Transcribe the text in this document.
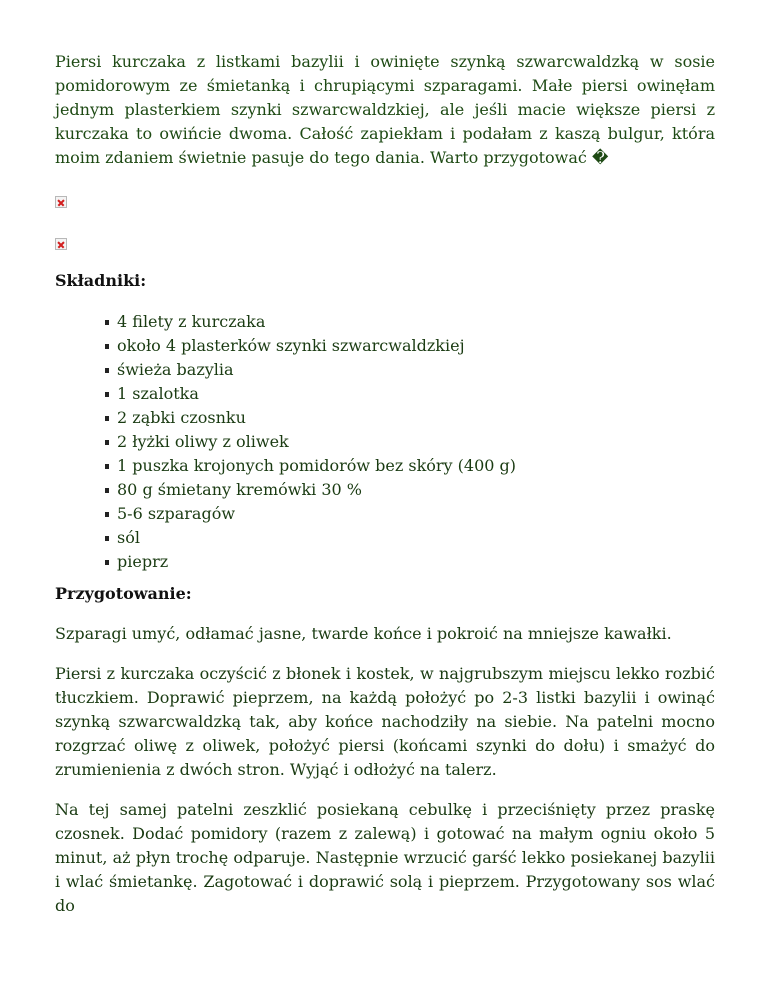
Piersi kurczaka z listkami bazylii i owinięte szynką szwarcwaldzką w sosie pomidorowym ze śmietanką i chrupiącymi szparagami. Małe piersi owinęłam jednym plasterkiem szynki szwarcwaldzkiej, ale jeśli macie większe piersi z kurczaka to owińcie dwoma. Całość zapiekłam i podałam z kaszą bulgur, która moim zdaniem świetnie pasuje do tego dania. Warto przygotować �

Składniki:

4 filety z kurczaka
około 4 plasterków szynki szwarcwaldzkiej
świeża bazylia
1 szalotka
2 ząbki czosnku
2 łyżki oliwy z oliwek
1 puszka krojonych pomidorów bez skóry (400 g)
80 g śmietany kremówki 30 %
5-6 szparagów
sól
pieprz

Przygotowanie:

Szparagi umyć, odłamać jasne, twarde końce i pokroić na mniejsze kawałki.

Piersi z kurczaka oczyścić z błonek i kostek, w najgrubszym miejscu lekko rozbić tłuczkiem. Doprawić pieprzem, na każdą położyć po 2-3 listki bazylii i owinąć szynką szwarcwaldzką tak, aby końce nachodziły na siebie. Na patelni mocno rozgrzać oliwę z oliwek, położyć piersi (końcami szynki do dołu) i smażyć do zrumienienia z dwóch stron. Wyjąć i odłożyć na talerz.

Na tej samej patelni zeszklić posiekaną cebulkę i przeciśnięty przez praskę czosnek. Dodać pomidory (razem z zalewą) i gotować na małym ogniu około 5 minut, aż płyn trochę odparuje. Następnie wrzucić garść lekko posiekanej bazylii i wlać śmietankę. Zagotować i doprawić solą i pieprzem. Przygotowany sos wlać do
